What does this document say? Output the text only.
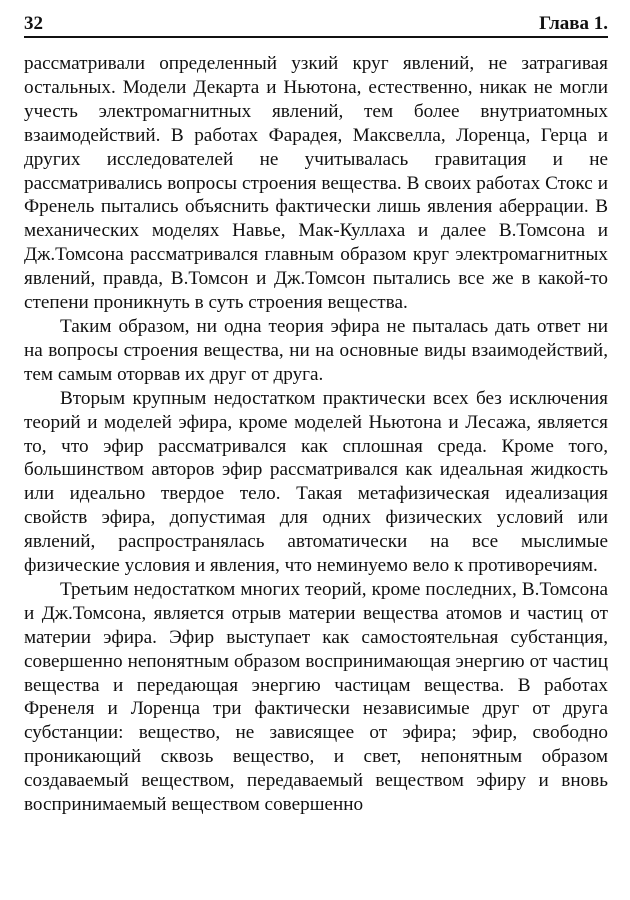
32	Глава 1.

рассматривали определенный узкий круг явлений, не затрагивая остальных. Модели Декарта и Ньютона, естественно, никак не могли учесть электромагнитных явлений, тем более внутриатомных взаимодействий. В работах Фарадея, Максвелла, Лоренца, Герца и других исследователей не учитывалась гравитация и не рассматривались вопросы строения вещества. В своих работах Стокс и Френель пытались объяснить фактически лишь явления аберрации. В механических моделях Навье, Мак-Куллаха и далее В.Томсона и Дж.Томсона рассматривался главным образом круг электромагнитных явлений, правда, В.Томсон и Дж.Томсон пытались все же в какой-то степени проникнуть в суть строения вещества.

Таким образом, ни одна теория эфира не пыталась дать ответ ни на вопросы строения вещества, ни на основные виды взаимодействий, тем самым оторвав их друг от друга.

Вторым крупным недостатком практически всех без исключения теорий и моделей эфира, кроме моделей Ньютона и Лесажа, является то, что эфир рассматривался как сплошная среда. Кроме того, большинством авторов эфир рассматривался как идеальная жидкость или идеально твердое тело. Такая метафизическая идеализация свойств эфира, допустимая для одних физических условий или явлений, распространялась автоматически на все мыслимые физические условия и явления, что неминуемо вело к противоречиям.

Третьим недостатком многих теорий, кроме последних, В.Томсона и Дж.Томсона, является отрыв материи вещества атомов и частиц от материи эфира. Эфир выступает как самостоятельная субстанция, совершенно непонятным образом воспринимающая энергию от частиц вещества и передающая энергию частицам вещества. В работах Френеля и Лоренца три фактически независимые друг от друга субстанции: вещество, не зависящее от эфира; эфир, свободно проникающий сквозь вещество, и свет, непонятным образом создаваемый веществом, передаваемый веществом эфиру и вновь воспринимаемый веществом совершенно
